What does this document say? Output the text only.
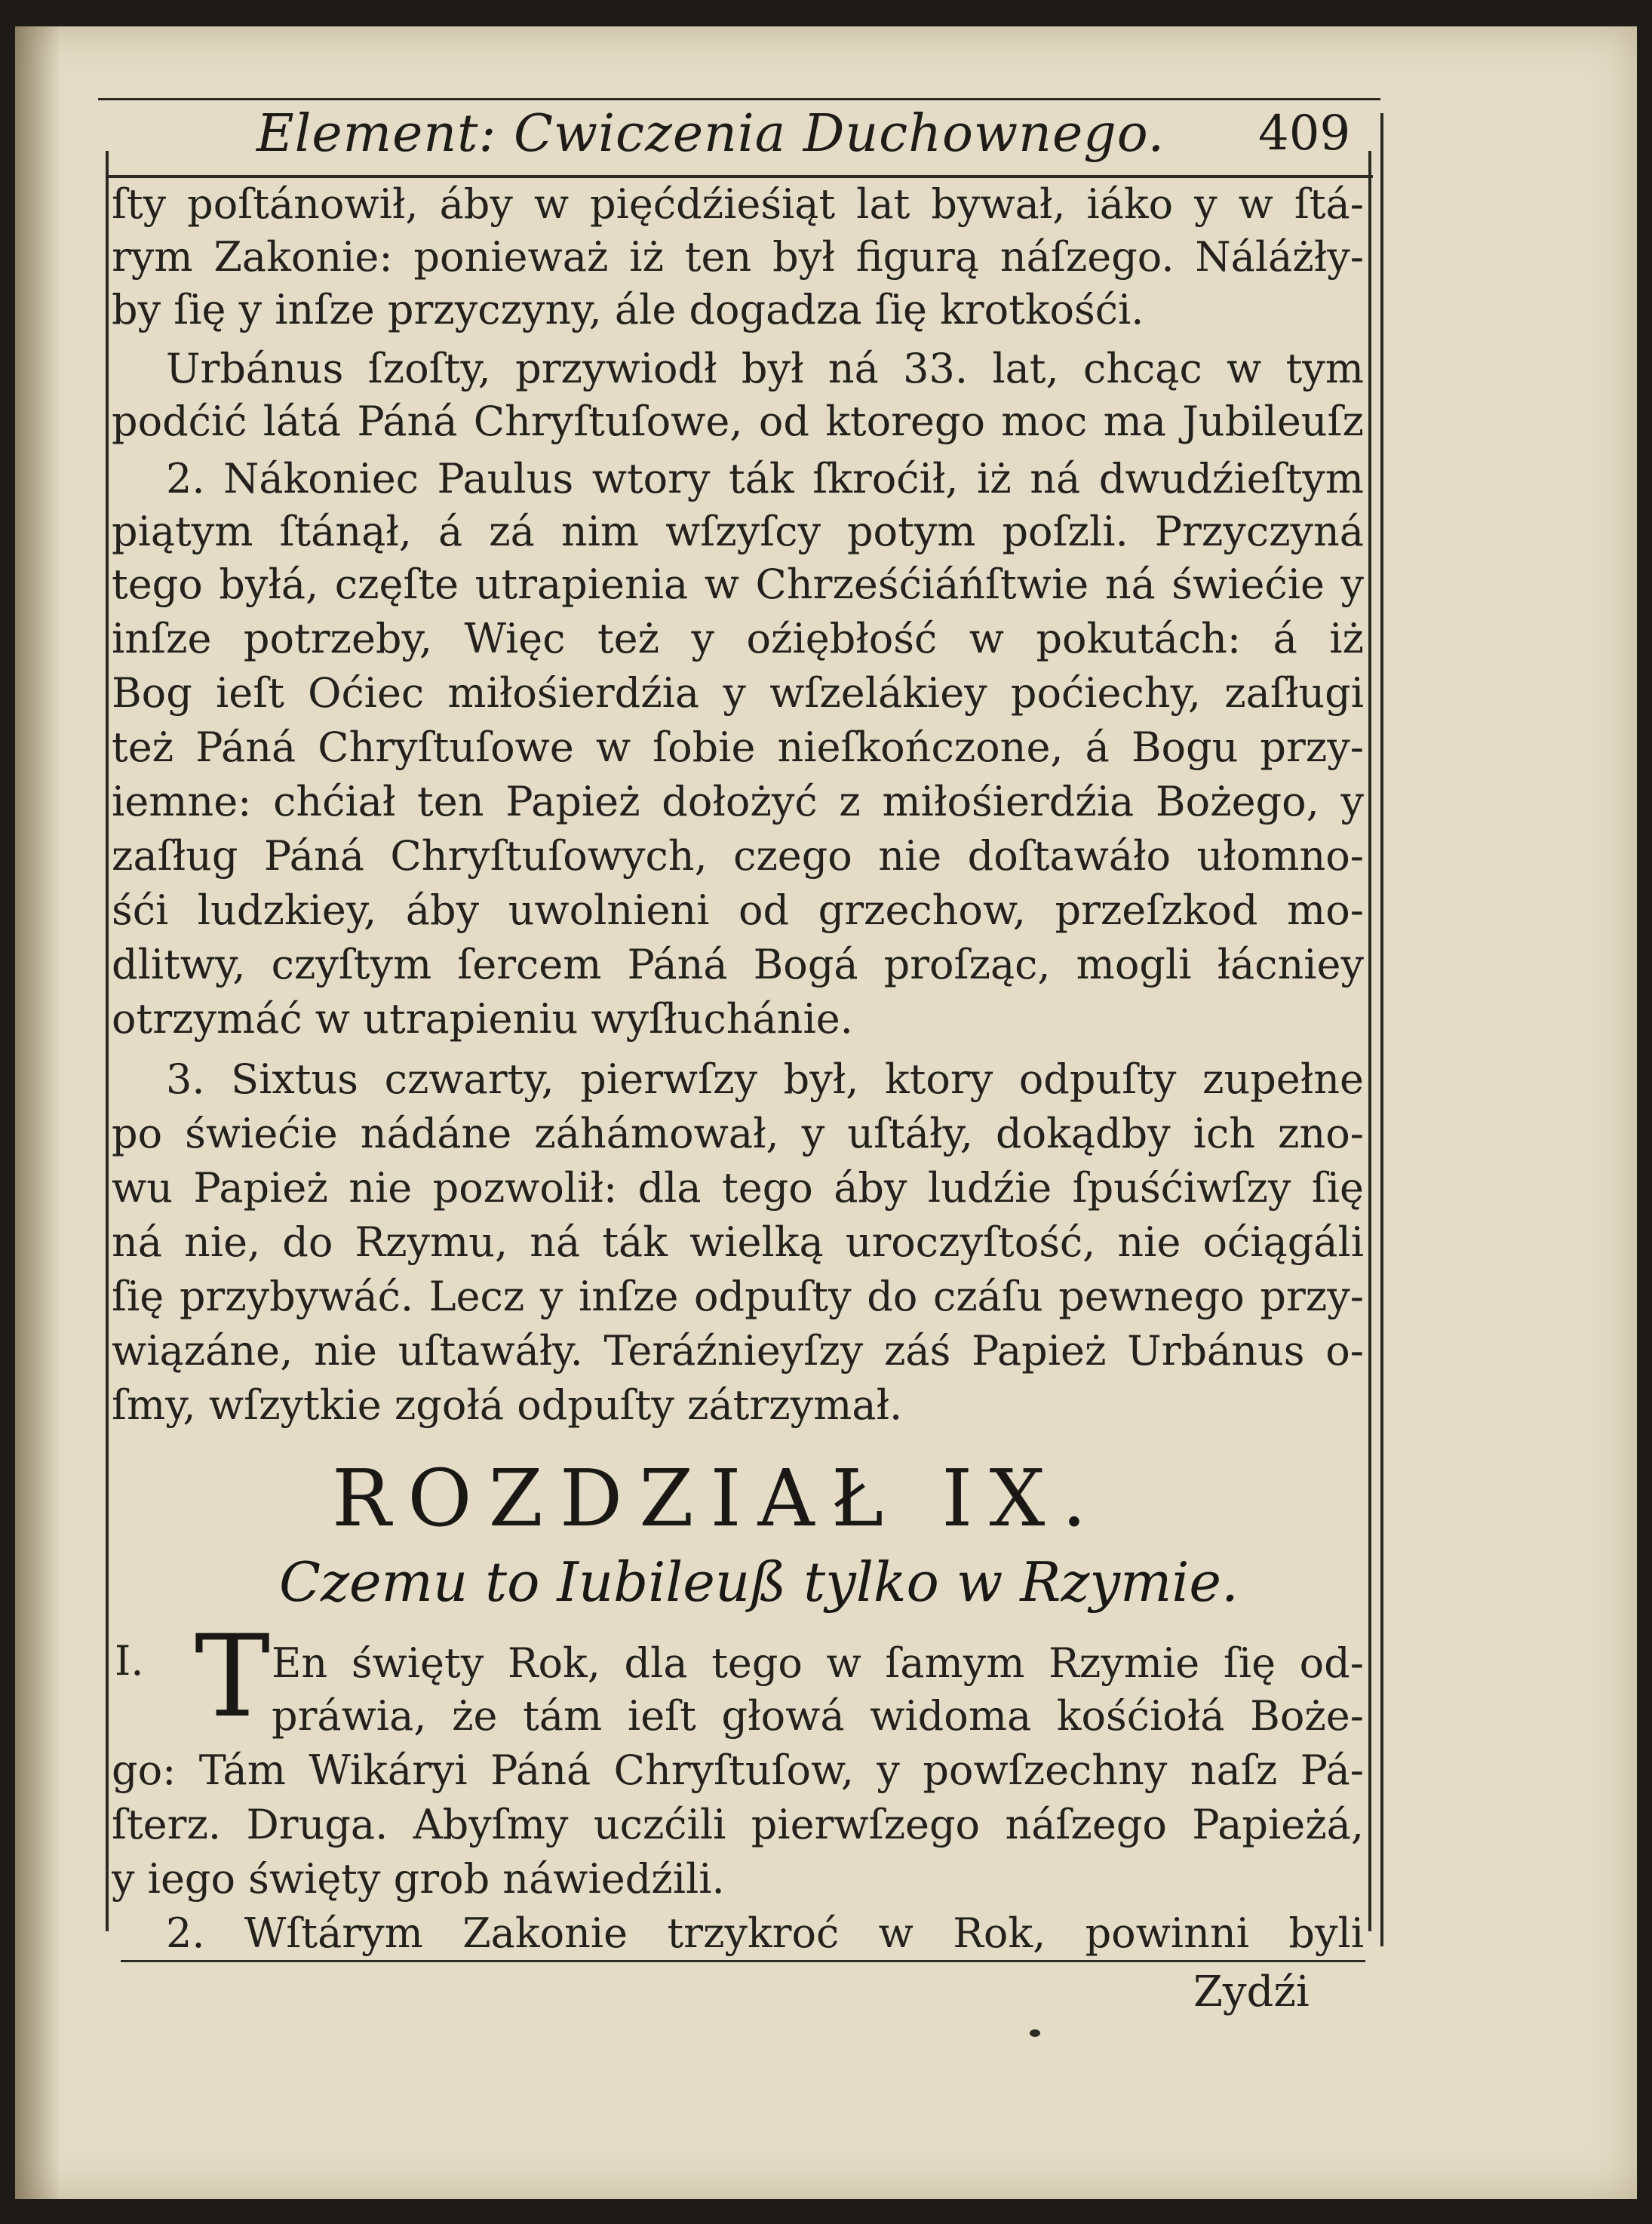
Element: Cwiczenia Duchownego. 409
ſty poſtánowił, áby w pięćdźieśiąt lat bywał, iáko y w ſtá-
rym Zakonie: ponieważ iż ten był figurą náſzego. Náláżły-
by ſię y inſze przyczyny, ále dogadza ſię krotkośći.
Urbánus ſzoſty, przywiodł był ná 33. lat, chcąc w tym
podćić látá Páná Chryſtuſowe, od ktorego moc ma Jubileuſz
2. Nákoniec Paulus wtory ták ſkroćił, iż ná dwudźieſtym
piątym ſtánął, á zá nim wſzyſcy potym poſzli. Przyczyná
tego byłá, częſte utrapienia w Chrześćiáńſtwie ná świećie y
inſze potrzeby, Więc też y oźiębłość w pokutách: á iż
Bog ieſt Oćiec miłośierdźia y wſzelákiey poćiechy, zaſługi
też Páná Chryſtuſowe w ſobie nieſkończone, á Bogu przy-
iemne: chćiał ten Papież dołożyć z miłośierdźia Bożego, y
zaſług Páná Chryſtuſowych, czego nie doſtawáło ułomno-
śći ludzkiey, áby uwolnieni od grzechow, przeſzkod mo-
dlitwy, czyſtym ſercem Páná Bogá proſząc, mogli łácniey
otrzymáć w utrapieniu wyſłuchánie.
3. Sixtus czwarty, pierwſzy był, ktory odpuſty zupełne
po świećie nádáne záhámował, y uſtáły, dokądby ich zno-
wu Papież nie pozwolił: dla tego áby ludźie ſpuśćiwſzy ſię
ná nie, do Rzymu, ná ták wielką uroczyſtość, nie oćiągáli
ſię przybywáć. Lecz y inſze odpuſty do czáſu pewnego przy-
wiązáne, nie uſtawáły. Teráźnieyſzy záś Papież Urbánus o-
ſmy, wſzytkie zgołá odpuſty zátrzymał.
ROZDZIAŁ IX.
Czemu to Iubileuß tylko w Rzymie.
I. T En święty Rok, dla tego w ſamym Rzymie ſię od-
práwia, że tám ieſt głowá widoma kośćiołá Boże-
go: Tám Wikáryi Páná Chryſtuſow, y powſzechny naſz Pá-
ſterz. Druga. Abyſmy uczćili pierwſzego náſzego Papieżá,
y iego święty grob náwiedźili.
2. Wſtárym Zakonie trzykroć w Rok, powinni byli
Zydźi
